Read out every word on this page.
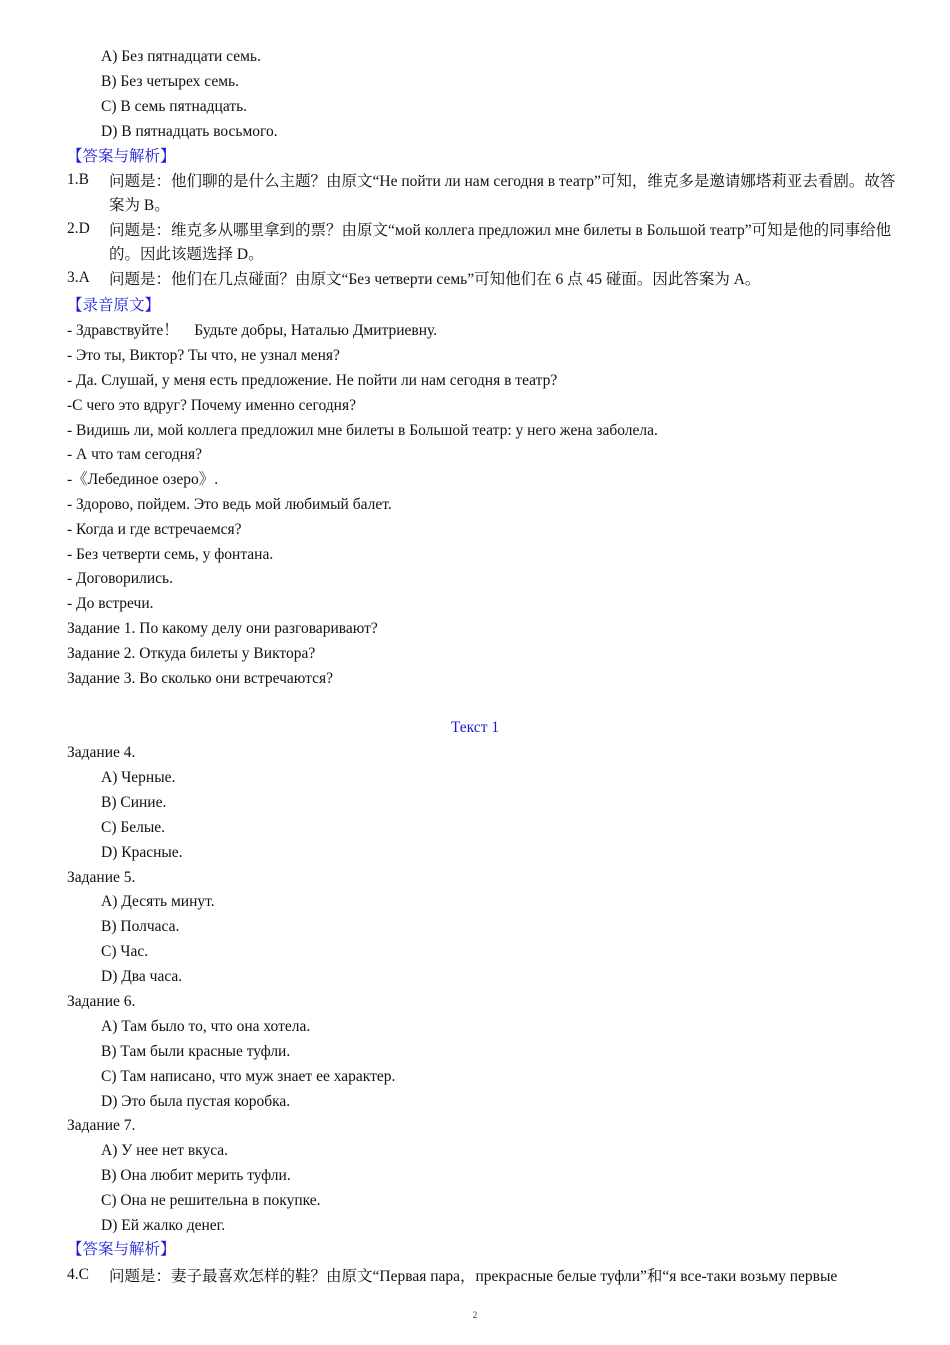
A) Без пятнадцати семь.
B) Без четырех семь.
C) В семь пятнадцать.
D) В пятнадцать восьмого.
【答案与解析】
1.B 问题是：他们聊的是什么主题？由原文“Не пойти ли нам сегодня в театр”可知，维克多是邀请娜塔莉亚去看剧。故答案为 B。
2.D 问题是：维克多从哪里拿到的票？由原文“мой коллега предложил мне билеты в Большой театр”可知是他的同事给他的。因此该题选择 D。
3.A 问题是：他们在几点碰面？由原文“Без четверти семь”可知他们在 6 点 45 碰面。因此答案为 A。
【录音原文】
- Здравствуйте！　Будьте добры, Наталью Дмитриевну.
- Это ты, Виктор? Ты что, не узнал меня?
- Да. Слушай, у меня есть предложение. Не пойти ли нам сегодня в театр?
-С чего это вдруг? Почему именно сегодня?
- Видишь ли, мой коллега предложил мне билеты в Большой театр: у него жена заболела.
- А что там сегодня?
-《Лебединое озеро》.
- Здорово, пойдем. Это ведь мой любимый балет.
- Когда и где встречаемся?
- Без четверти семь, у фонтана.
- Договорились.
- До встречи.
Задание 1. По какому делу они разговаривают?
Задание 2. Откуда билеты у Виктора?
Задание 3. Во сколько они встречаются?
Текст 1
Задание 4.
A) Черные.
B) Синие.
C) Белые.
D) Красные.
Задание 5.
A) Десять минут.
B) Полчаса.
C) Час.
D) Два часа.
Задание 6.
A) Там было то, что она хотела.
B) Там были красные туфли.
C) Там написано, что муж знает ее характер.
D) Это была пустая коробка.
Задание 7.
A) У нее нет вкуса.
B) Она любит мерить туфли.
C) Она не решительна в покупке.
D) Ей жалко денег.
【答案与解析】
4.C 问题是：妻子最喜欢怎样的鞋？由原文“Первая пара，прекрасные белые туфли”和“я все-таки возьму первые
2
